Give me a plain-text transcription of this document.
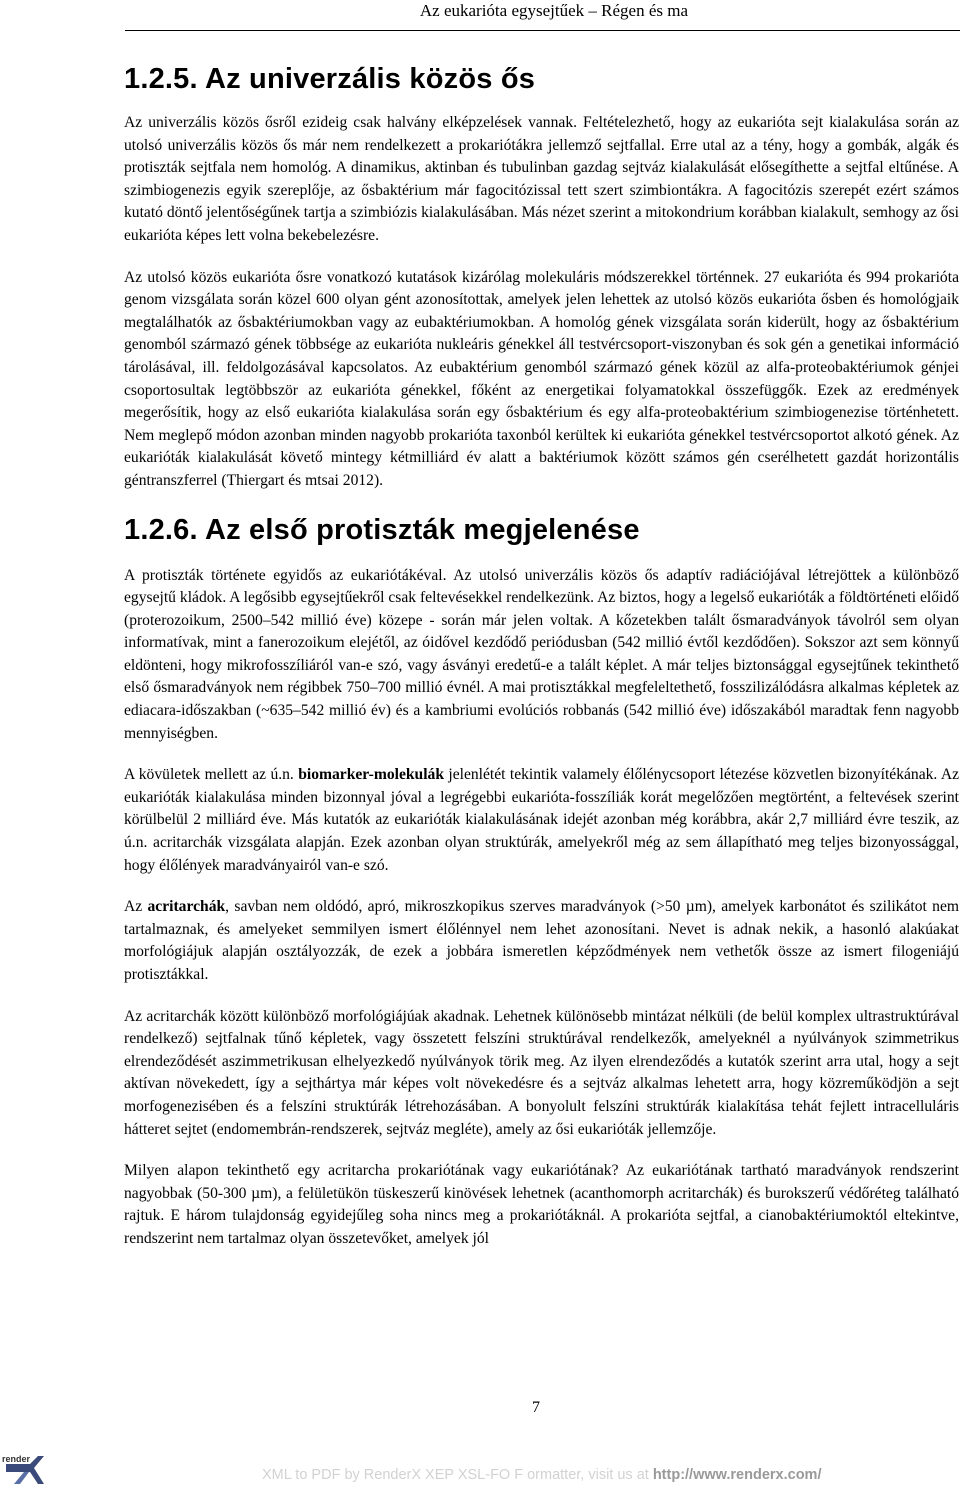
Az eukarióta egysejtűek – Régen és ma
1.2.5. Az univerzális közös ős

Az univerzális közös ősről ezideig csak halvány elképzelések vannak. Feltételezhető, hogy az eukarióta sejt kialakulása során az utolsó univerzális közös ős már nem rendelkezett a prokariótákra jellemző sejtfallal. Erre utal az a tény, hogy a gombák, algák és protiszták sejtfala nem homológ. A dinamikus, aktinban és tubulinban gazdag sejtváz kialakulását elősegíthette a sejtfal eltűnése. A szimbiogenezis egyik szereplője, az ősbaktérium már fagocitózissal tett szert szimbiontákra. A fagocitózis szerepét ezért számos kutató döntő jelentőségűnek tartja a szimbiózis kialakulásában. Más nézet szerint a mitokondrium korábban kialakult, semhogy az ősi eukarióta képes lett volna bekebelezésre.

Az utolsó közös eukarióta ősre vonatkozó kutatások kizárólag molekuláris módszerekkel történnek. 27 eukarióta és 994 prokarióta genom vizsgálata során közel 600 olyan gént azonosítottak, amelyek jelen lehettek az utolsó közös eukarióta ősben és homológjaik megtalálhatók az ősbaktériumokban vagy az eubaktériumokban. A homológ gének vizsgálata során kiderült, hogy az ősbaktérium genomból származó gének többsége az eukarióta nukleáris génekkel áll testvércsoport-viszonyban és sok gén a genetikai információ tárolásával, ill. feldolgozásával kapcsolatos. Az eubaktérium genomból származó gének közül az alfa-proteobaktériumok génjei csoportosultak legtöbbször az eukarióta génekkel, főként az energetikai folyamatokkal összefüggők. Ezek az eredmények megerősítik, hogy az első eukarióta kialakulása során egy ősbaktérium és egy alfa-proteobaktérium szimbiogenezise történhetett. Nem meglepő módon azonban minden nagyobb prokarióta taxonból kerültek ki eukarióta génekkel testvércsoportot alkotó gének. Az eukarióták kialakulását követő mintegy kétmilliárd év alatt a baktériumok között számos gén cserélhetett gazdát horizontális géntranszferrel (Thiergart és mtsai 2012).

1.2.6. Az első protiszták megjelenése

A protiszták története egyidős az eukariótákéval. Az utolsó univerzális közös ős adaptív radiációjával létrejöttek a különböző egysejtű kládok. A legősibb egysejtűekről csak feltevésekkel rendelkezünk. Az biztos, hogy a legelső eukarióták a földtörténeti előidő (proterozoikum, 2500–542 millió éve) közepe - során már jelen voltak. A kőzetekben talált ősmaradványok távolról sem olyan informatívak, mint a fanerozoikum elejétől, az óidővel kezdődő periódusban (542 millió évtől kezdődően). Sokszor azt sem könnyű eldönteni, hogy mikrofosszíliáról van-e szó, vagy ásványi eredetű-e a talált képlet. A már teljes biztonsággal egysejtűnek tekinthető első ősmaradványok nem régibbek 750–700 millió évnél. A mai protisztákkal megfeleltethető, fosszilizálódásra alkalmas képletek az ediacara-időszakban (~635–542 millió év) és a kambriumi evolúciós robbanás (542 millió éve) időszakából maradtak fenn nagyobb mennyiségben.

A kövületek mellett az ú.n. biomarker-molekulák jelenlétét tekintik valamely élőlénycsoport létezése közvetlen bizonyítékának. Az eukarióták kialakulása minden bizonnyal jóval a legrégebbi eukarióta-fosszíliák korát megelőzően megtörtént, a feltevések szerint körülbelül 2 milliárd éve. Más kutatók az eukarióták kialakulásának idejét azonban még korábbra, akár 2,7 milliárd évre teszik, az ú.n. acritarchák vizsgálata alapján. Ezek azonban olyan struktúrák, amelyekről még az sem állapítható meg teljes bizonyossággal, hogy élőlények maradványairól van-e szó.

Az acritarchák, savban nem oldódó, apró, mikroszkopikus szerves maradványok (>50 µm), amelyek karbonátot és szilikátot nem tartalmaznak, és amelyeket semmilyen ismert élőlénnyel nem lehet azonosítani. Nevet is adnak nekik, a hasonló alakúakat morfológiájuk alapján osztályozzák, de ezek a jobbára ismeretlen képződmények nem vethetők össze az ismert filogeniájú protisztákkal.

Az acritarchák között különböző morfológiájúak akadnak. Lehetnek különösebb mintázat nélküli (de belül komplex ultrastruktúrával rendelkező) sejtfalnak tűnő képletek, vagy összetett felszíni struktúrával rendelkezők, amelyeknél a nyúlványok szimmetrikus elrendeződését aszimmetrikusan elhelyezkedő nyúlványok törik meg. Az ilyen elrendeződés a kutatók szerint arra utal, hogy a sejt aktívan növekedett, így a sejthártya már képes volt növekedésre és a sejtváz alkalmas lehetett arra, hogy közreműködjön a sejt morfogenezisében és a felszíni struktúrák létrehozásában. A bonyolult felszíni struktúrák kialakítása tehát fejlett intracelluláris hátteret sejtet (endomembrán-rendszerek, sejtváz megléte), amely az ősi eukarióták jellemzője.

Milyen alapon tekinthető egy acritarcha prokariótának vagy eukariótának? Az eukariótának tartható maradványok rendszerint nagyobbak (50-300 µm), a felületükön tüskeszerű kinövések lehetnek (acanthomorph acritarchák) és burokszerű védőréteg található rajtuk. E három tulajdonság egyidejűleg soha nincs meg a prokariótáknál. A prokarióta sejtfal, a cianobaktériumoktól eltekintve, rendszerint nem tartalmaz olyan összetevőket, amelyek jól

7
render
XML to PDF by RenderX XEP XSL-FO F ormatter, visit us at http://www.renderx.com/
